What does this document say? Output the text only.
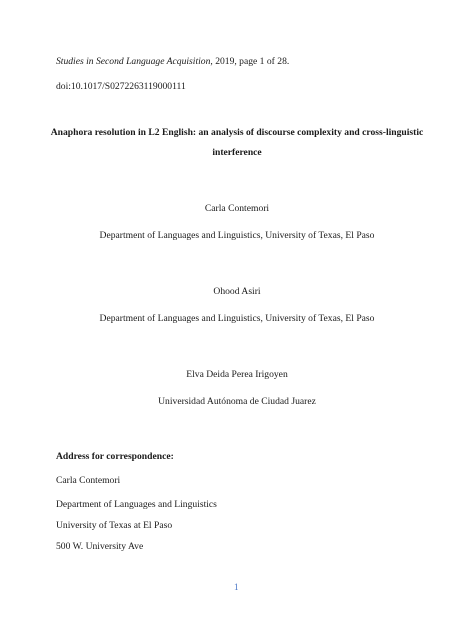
Studies in Second Language Acquisition, 2019, page 1 of 28.
doi:10.1017/S0272263119000111
Anaphora resolution in L2 English: an analysis of discourse complexity and cross-linguistic
interference
Carla Contemori
Department of Languages and Linguistics, University of Texas, El Paso
Ohood Asiri
Department of Languages and Linguistics, University of Texas, El Paso
Elva Deida Perea Irigoyen
Universidad Autónoma de Ciudad Juarez
Address for correspondence:
Carla Contemori
Department of Languages and Linguistics
University of Texas at El Paso
500 W. University Ave
1
